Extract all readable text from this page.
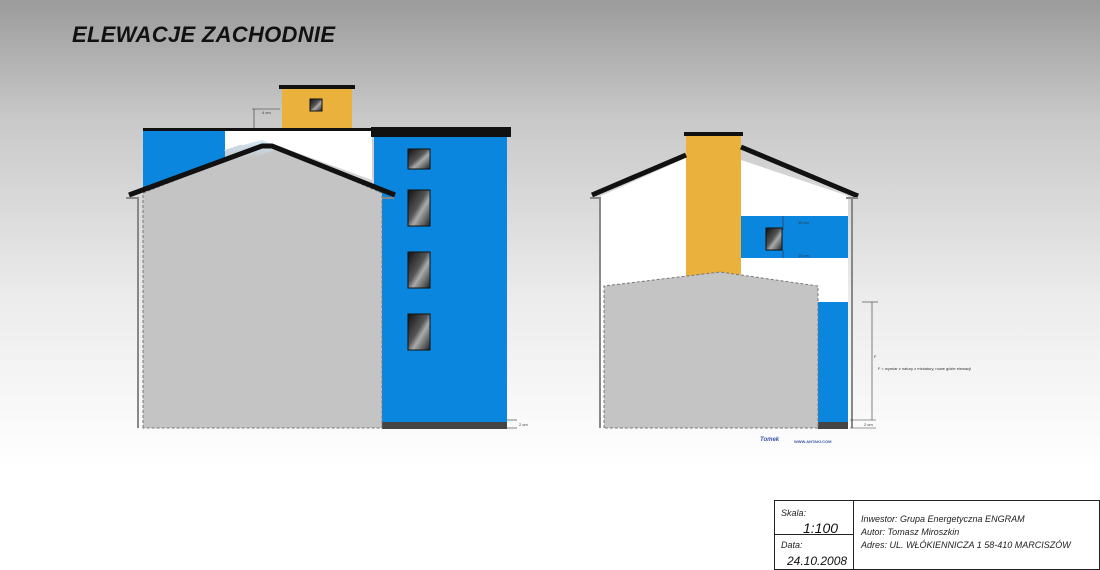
ELEWACJE ZACHODNIE
4 cm
2 cm
10 cm
10 cm
F
2 cm
F = wymiar z natury z miniatury, nowe gdzie elewacji
Tomek	WWW.ANTAKI.COM
Skala:
1:100
Data:
24.10.2008
Inwestor: Grupa Energetyczna ENGRAM
Autor: Tomasz Miroszkin
Adres: UL. WŁÓKIENNICZA 1 58-410 MARCISZÓW
